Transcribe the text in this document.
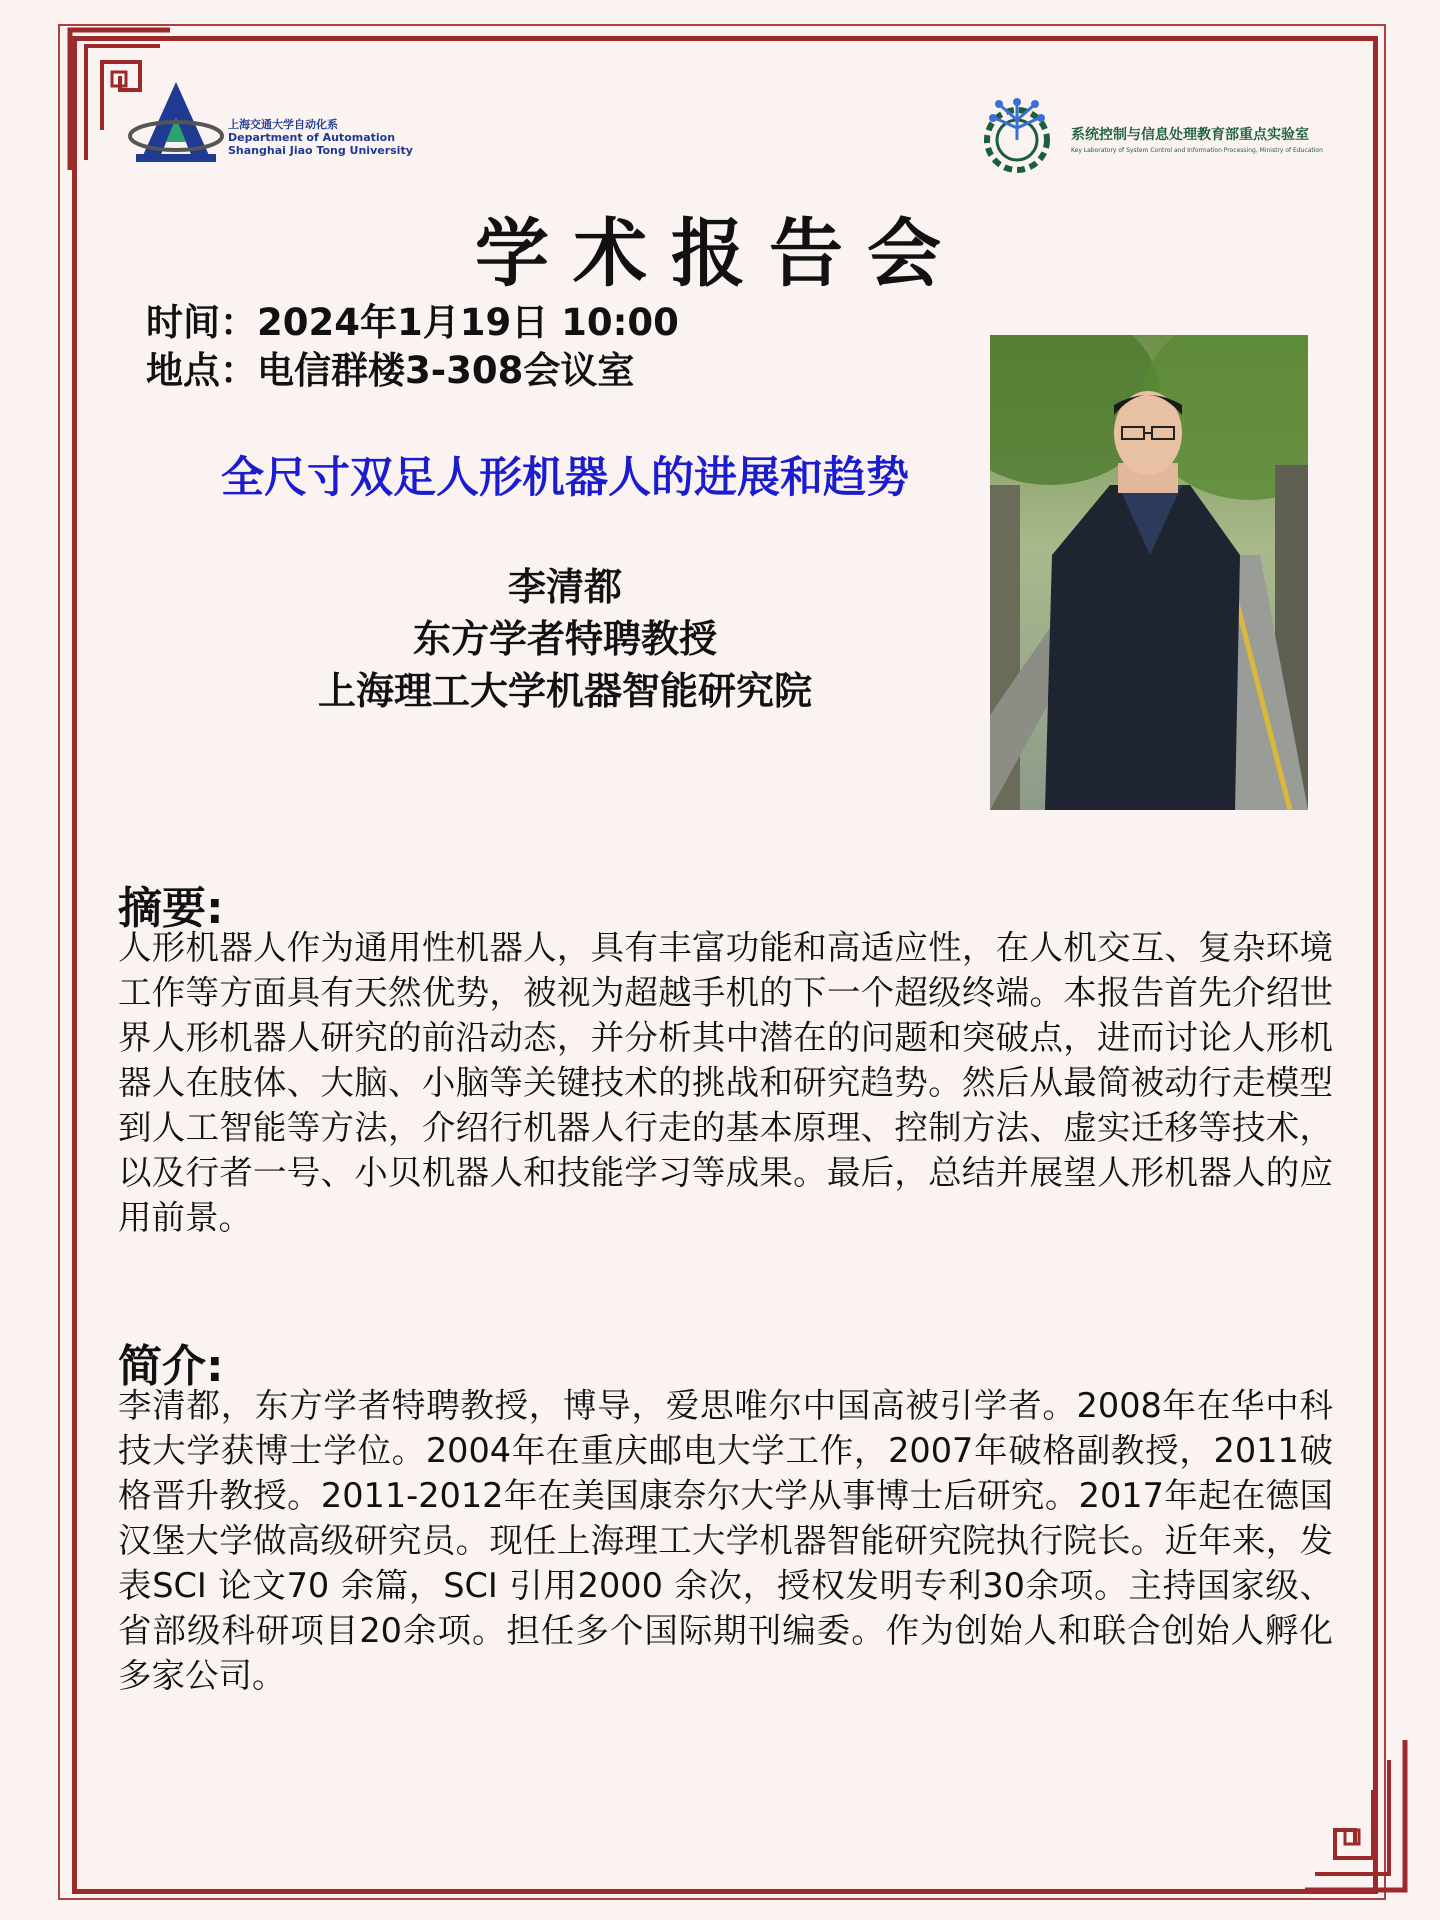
上海交通大学自动化系
Department of Automation
Shanghai Jiao Tong University
系统控制与信息处理教育部重点实验室
Key Laboratory of System Control and Information Processing, Ministry of Education
学术报告会
时间：2024年1月19日 10:00
地点：电信群楼3-308会议室
全尺寸双足人形机器人的进展和趋势
李清都
东方学者特聘教授
上海理工大学机器智能研究院
摘要:
人形机器人作为通用性机器人，具有丰富功能和高适应性，在人机交互、复杂环境工作等方面具有天然优势，被视为超越手机的下一个超级终端。本报告首先介绍世界人形机器人研究的前沿动态，并分析其中潜在的问题和突破点，进而讨论人形机器人在肢体、大脑、小脑等关键技术的挑战和研究趋势。然后从最简被动行走模型到人工智能等方法，介绍行机器人行走的基本原理、控制方法、虚实迁移等技术，以及行者一号、小贝机器人和技能学习等成果。最后，总结并展望人形机器人的应用前景。
简介:
李清都，东方学者特聘教授，博导，爱思唯尔中国高被引学者。2008年在华中科技大学获博士学位。2004年在重庆邮电大学工作，2007年破格副教授，2011破格晋升教授。2011-2012年在美国康奈尔大学从事博士后研究。2017年起在德国汉堡大学做高级研究员。现任上海理工大学机器智能研究院执行院长。近年来，发表SCI 论文70 余篇，SCI 引用2000 余次，授权发明专利30余项。主持国家级、省部级科研项目20余项。担任多个国际期刊编委。作为创始人和联合创始人孵化多家公司。
